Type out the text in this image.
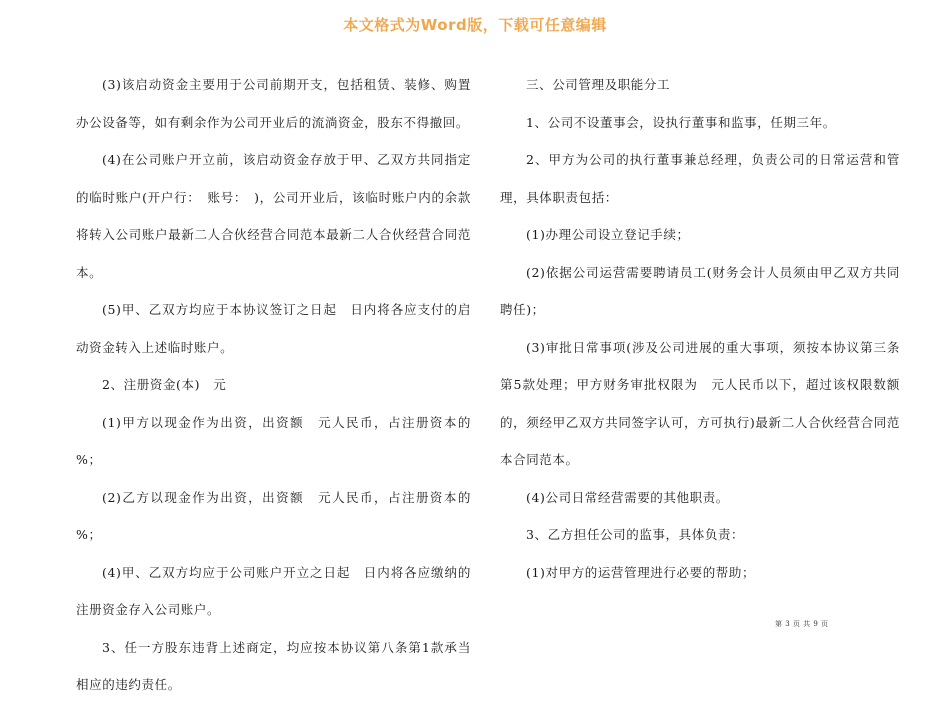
本文格式为Word版，下载可任意编辑

(3)该启动资金主要用于公司前期开支，包括租赁、装修、购置办公设备等，如有剩余作为公司开业后的流淌资金，股东不得撤回。

(4)在公司账户开立前，该启动资金存放于甲、乙双方共同指定的临时账户(开户行：　账号：　)，公司开业后，该临时账户内的余款将转入公司账户最新二人合伙经营合同范本最新二人合伙经营合同范本。

(5)甲、乙双方均应于本协议签订之日起　日内将各应支付的启动资金转入上述临时账户。

2、注册资金(本)　元

(1)甲方以现金作为出资，出资额　元人民币，占注册资本的　%；

(2)乙方以现金作为出资，出资额　元人民币，占注册资本的　%；

(4)甲、乙双方均应于公司账户开立之日起　日内将各应缴纳的注册资金存入公司账户。

3、任一方股东违背上述商定，均应按本协议第八条第1款承当相应的违约责任。

三、公司管理及职能分工

1、公司不设董事会，设执行董事和监事，任期三年。

2、甲方为公司的执行董事兼总经理，负责公司的日常运营和管理，具体职责包括：

(1)办理公司设立登记手续；

(2)依据公司运营需要聘请员工(财务会计人员须由甲乙双方共同聘任)；

(3)审批日常事项(涉及公司进展的重大事项，须按本协议第三条第5款处理；甲方财务审批权限为　元人民币以下，超过该权限数额的，须经甲乙双方共同签字认可，方可执行)最新二人合伙经营合同范本合同范本。

(4)公司日常经营需要的其他职责。

3、乙方担任公司的监事，具体负责：

(1)对甲方的运营管理进行必要的帮助；

第 3 页 共 9 页
